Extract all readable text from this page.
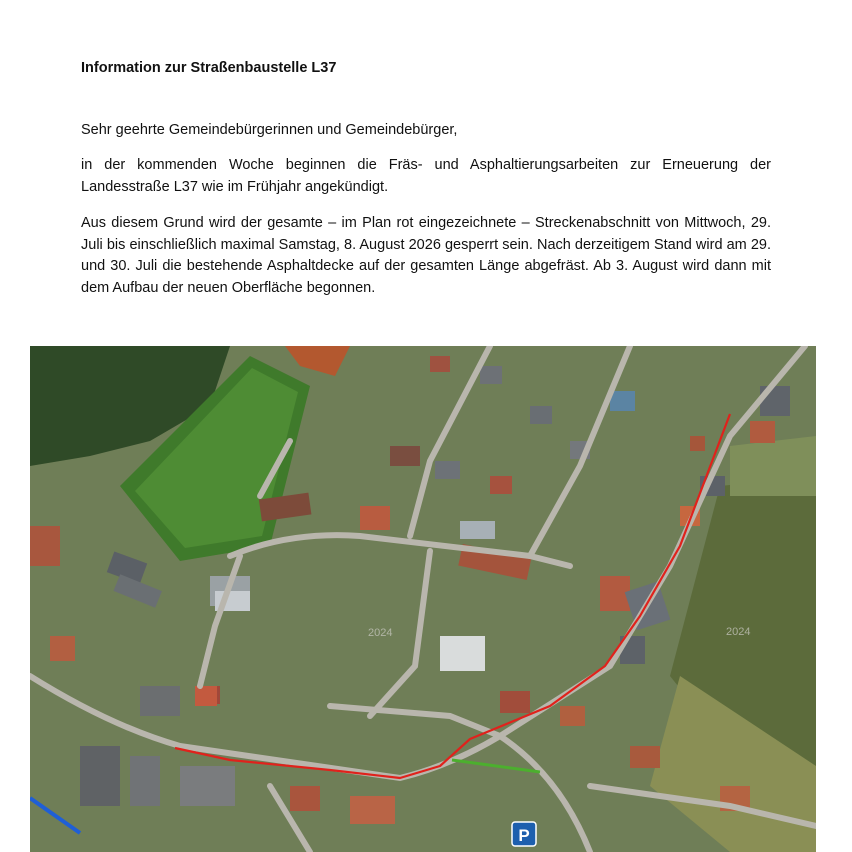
Information zur Straßenbaustelle L37

Sehr geehrte Gemeindebürgerinnen und Gemeindebürger,

in der kommenden Woche beginnen die Fräs- und Asphaltierungsarbeiten zur Erneuerung der Landesstraße L37 wie im Frühjahr angekündigt.

Aus diesem Grund wird der gesamte – im Plan rot eingezeichnete – Streckenabschnitt von Mittwoch, 29. Juli bis einschließlich maximal Samstag, 8. August 2026 gesperrt sein. Nach derzeitigem Stand wird am 29. und 30. Juli die bestehende Asphaltdecke auf der gesamten Länge abgefräst. Ab 3. August wird dann mit dem Aufbau der neuen Oberfläche begonnen.

2024	2024
P
